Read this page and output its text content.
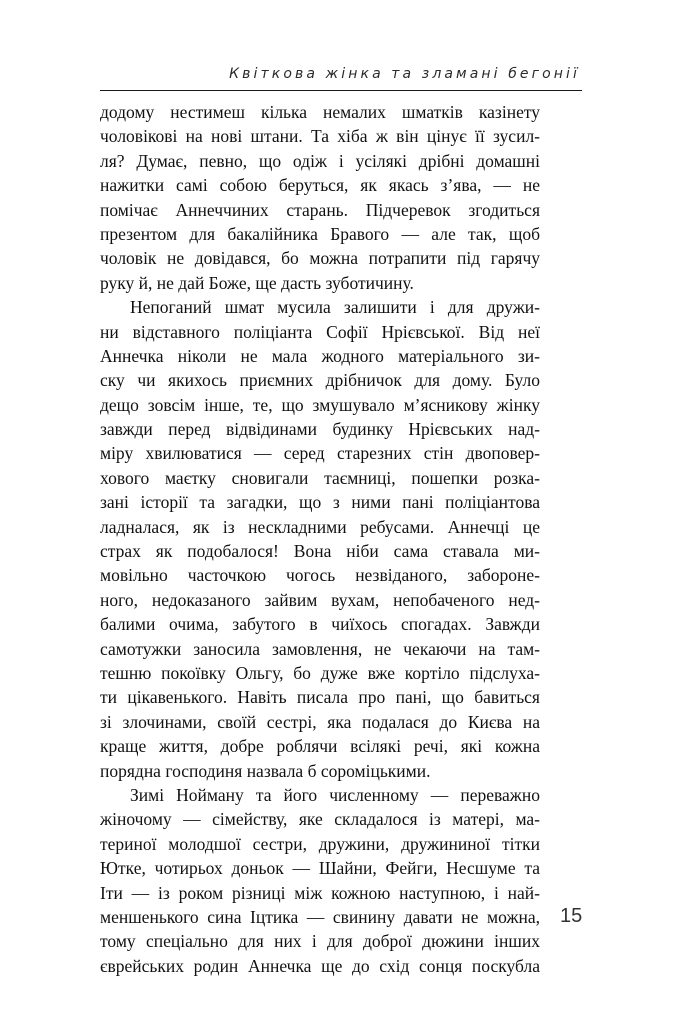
Квіткова жінка та зламані бегонії
додому нестимеш кілька немалих шматків казінету
чоловікові на нові штани. Та хіба ж він цінує її зусил-
ля? Думає, певно, що одіж і усілякі дрібні домашні
нажитки самі собою беруться, як якась з’ява, — не
помічає Аннеччиних старань. Підчеревок згодиться
презентом для бакалійника Бравого — але так, щоб
чоловік не довідався, бо можна потрапити під гарячу
руку й, не дай Боже, ще дасть зуботичину.
Непоганий шмат мусила залишити і для дружи-
ни відставного поліціанта Софії Нрієвської. Від неї
Аннечка ніколи не мала жодного матеріального зи-
ску чи якихось приємних дрібничок для дому. Було
дещо зовсім інше, те, що змушувало м’ясникову жінку
завжди перед відвідинами будинку Нрієвських над-
міру хвилюватися — серед старезних стін двоповер-
хового маєтку сновигали таємниці, пошепки розка-
зані історії та загадки, що з ними пані поліціантова
ладналася, як із нескладними ребусами. Аннечці це
страх як подобалося! Вона ніби сама ставала ми-
мовільно часточкою чогось незвіданого, заборонe-
ного, недоказаного зайвим вухам, непобаченого нед-
балими очима, забутого в чиїхось спогадах. Завжди
самотужки заносила замовлення, не чекаючи на там-
тешню покоївку Ольгу, бо дуже вже кортіло підслуха-
ти цікавенького. Навіть писала про пані, що бавиться
зі злочинами, своїй сестрі, яка подалася до Києва на
краще життя, добре роблячи всілякі речі, які кожна
порядна господиня назвала б сороміцькими.
Зимі Нойману та його численному — переважно
жіночому — сімейству, яке складалося із матері, ма-
териної молодшої сестри, дружини, дружининої тітки
Ютке, чотирьох доньок — Шайни, Фейги, Несшуме та
Іти — із роком різниці між кожною наступною, і най-
меншенького сина Іцтика — свинину давати не можна,
тому спеціально для них і для доброї дюжини інших
єврейських родин Аннечка ще до схід сонця поскубла
15
